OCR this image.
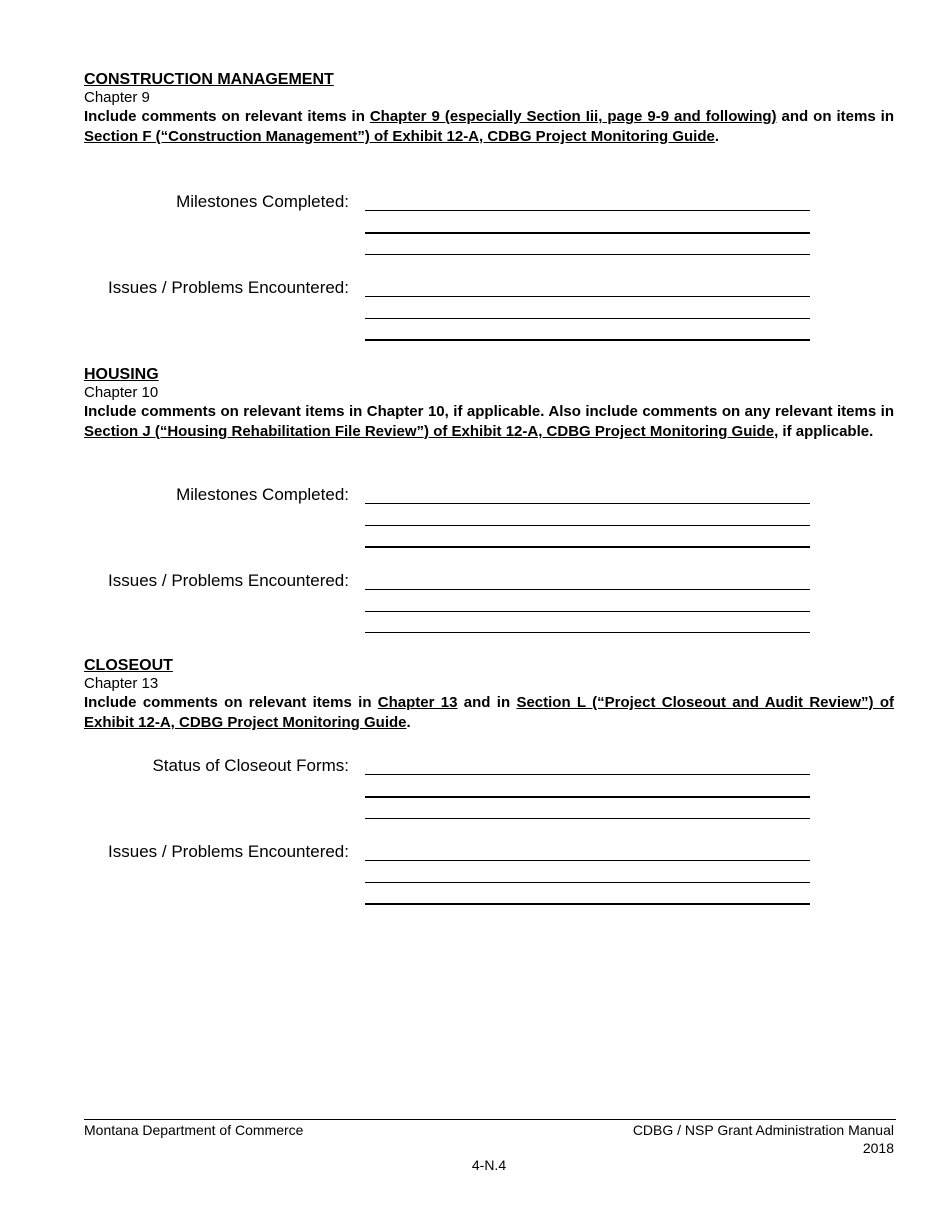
CONSTRUCTION MANAGEMENT
Chapter 9
Include comments on relevant items in Chapter 9 (especially Section Iii, page 9-9 and following) and on items in Section F (“Construction Management”) of Exhibit 12-A, CDBG Project Monitoring Guide.
Milestones Completed:
Issues / Problems Encountered:
HOUSING
Chapter 10
Include comments on relevant items in Chapter 10, if applicable. Also include comments on any relevant items in Section J (“Housing Rehabilitation File Review”) of Exhibit 12-A, CDBG Project Monitoring Guide, if applicable.
Milestones Completed:
Issues / Problems Encountered:
CLOSEOUT
Chapter 13
Include comments on relevant items in Chapter 13 and in Section L (“Project Closeout and Audit Review”) of Exhibit 12-A, CDBG Project Monitoring Guide.
Status of Closeout Forms:
Issues / Problems Encountered:
Montana Department of Commerce	CDBG / NSP Grant Administration Manual
2018
4-N.4
